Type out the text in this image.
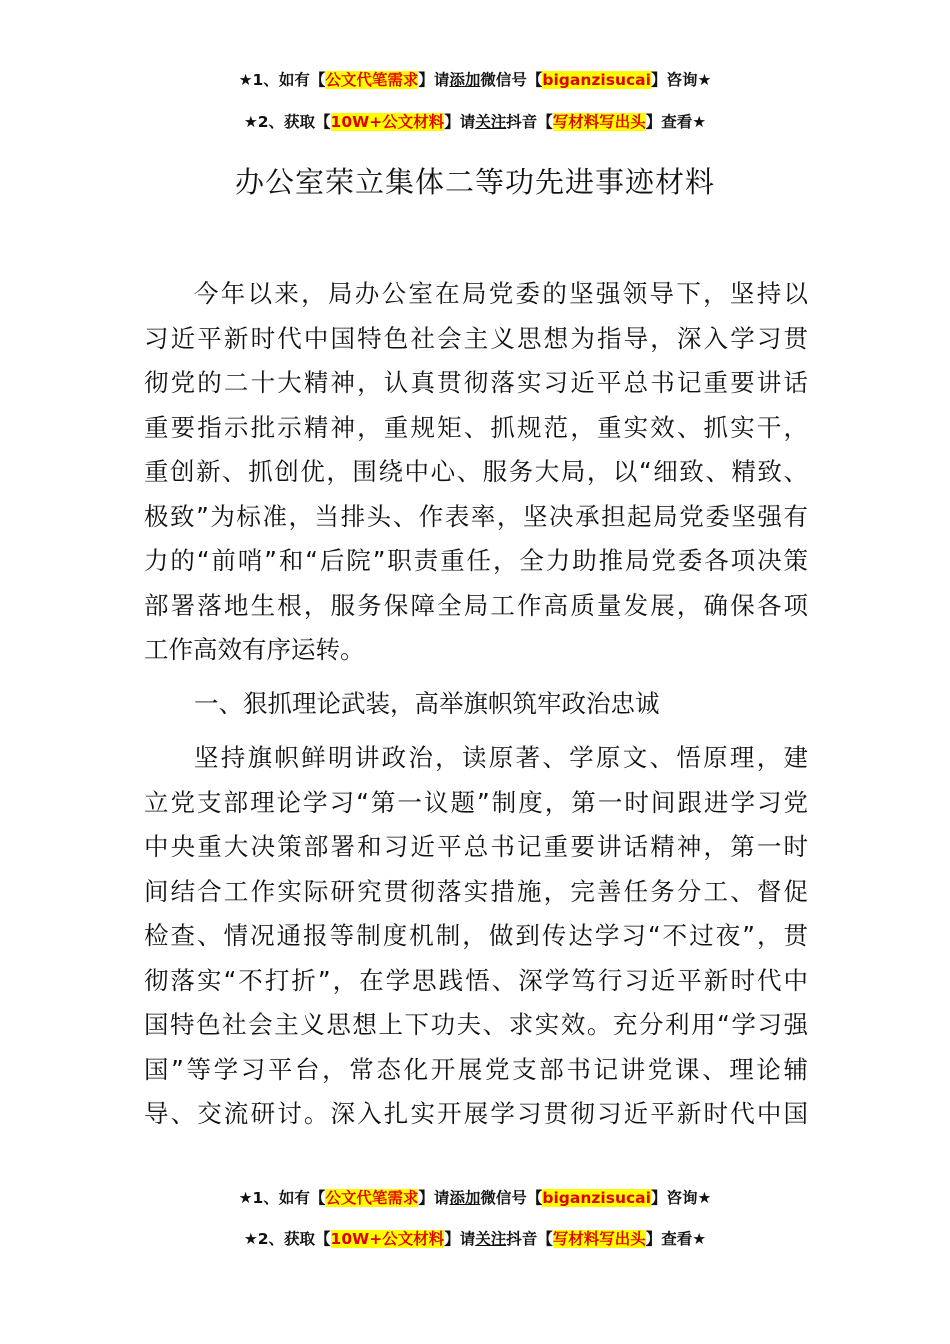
★1、如有【公文代笔需求】请添加微信号【biganzisucai】咨询★
★2、获取【10W+公文材料】请关注抖音【写材料写出头】查看★
办公室荣立集体二等功先进事迹材料
今年以来，局办公室在局党委的坚强领导下，坚持以
习近平新时代中国特色社会主义思想为指导，深入学习贯
彻党的二十大精神，认真贯彻落实习近平总书记重要讲话
重要指示批示精神，重规矩、抓规范，重实效、抓实干，
重创新、抓创优，围绕中心、服务大局，以“细致、精致、
极致”为标准，当排头、作表率，坚决承担起局党委坚强有
力的“前哨”和“后院”职责重任，全力助推局党委各项决策
部署落地生根，服务保障全局工作高质量发展，确保各项
工作高效有序运转。
一、狠抓理论武装，高举旗帜筑牢政治忠诚
坚持旗帜鲜明讲政治，读原著、学原文、悟原理，建
立党支部理论学习“第一议题”制度，第一时间跟进学习党
中央重大决策部署和习近平总书记重要讲话精神，第一时
间结合工作实际研究贯彻落实措施，完善任务分工、督促
检查、情况通报等制度机制，做到传达学习“不过夜”，贯
彻落实“不打折”，在学思践悟、深学笃行习近平新时代中
国特色社会主义思想上下功夫、求实效。充分利用“学习强
国”等学习平台，常态化开展党支部书记讲党课、理论辅
导、交流研讨。深入扎实开展学习贯彻习近平新时代中国
★1、如有【公文代笔需求】请添加微信号【biganzisucai】咨询★
★2、获取【10W+公文材料】请关注抖音【写材料写出头】查看★
